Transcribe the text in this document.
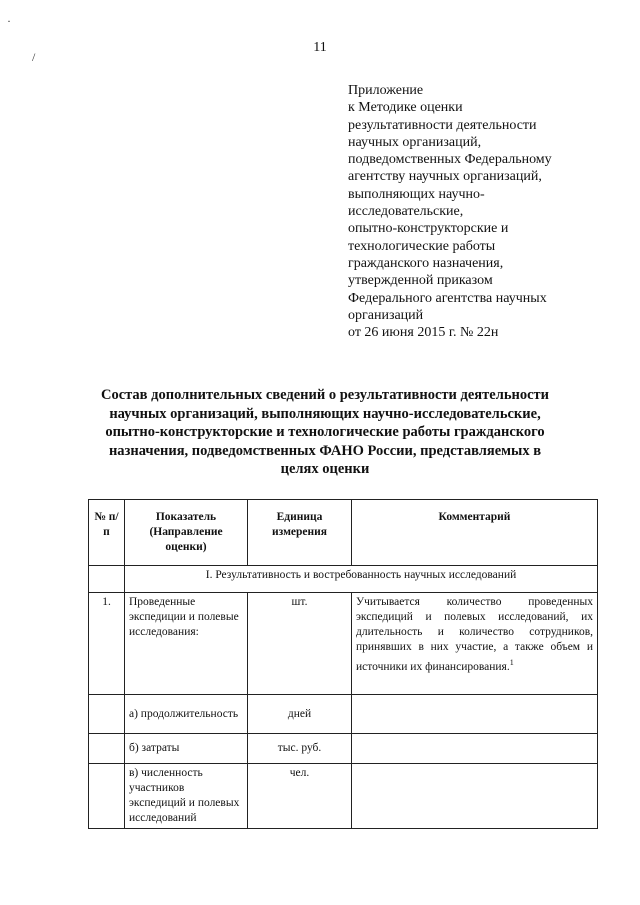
·
/
11
Приложение
к Методике оценки
результативности деятельности
научных организаций,
подведомственных Федеральному
агентству научных организаций,
выполняющих научно-
исследовательские,
опытно-конструкторские и
технологические работы
гражданского назначения,
утвержденной приказом
Федерального агентства научных
организаций
от 26 июня 2015 г. № 22н
Состав дополнительных сведений о результативности деятельности
научных организаций, выполняющих научно-исследовательские,
опытно-конструкторские и технологические работы гражданского
назначения, подведомственных ФАНО России, представляемых в
целях оценки
№ п/п	Показатель (Направление оценки)	Единица измерения	Комментарий
	I. Результативность и востребованность научных исследований		
1.	Проведенные экспедиции и полевые исследования:	шт.	Учитывается количество проведенных экспедиций и полевых исследований, их длительность и количество сотрудников, принявших в них участие, а также объем и источники их финансирования.$^1$
	а) продолжительность	дней	
	б) затраты	тыс. руб.	
	в) численность участников экспедиций и полевых исследований	чел.	
